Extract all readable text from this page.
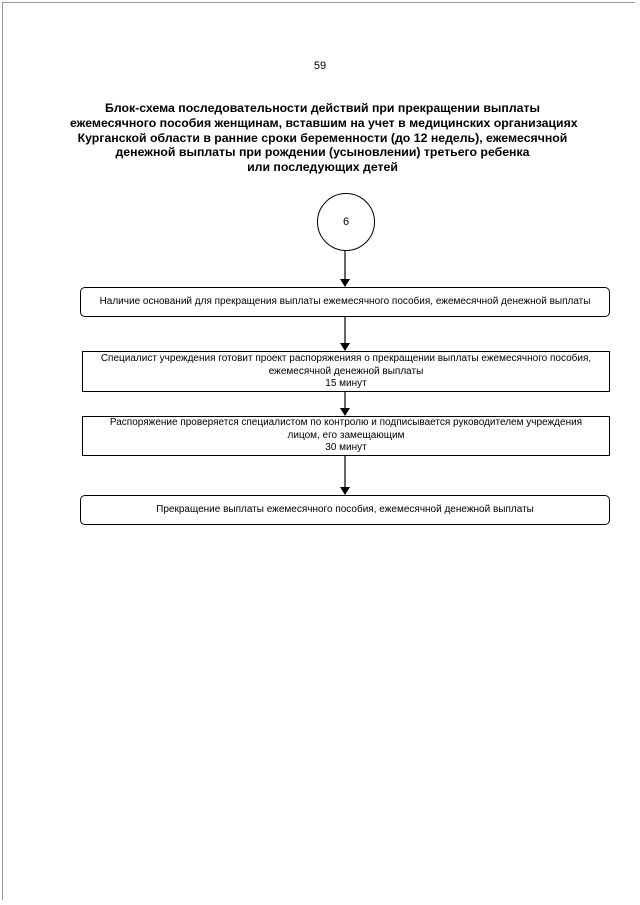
59
Блок-схема последовательности действий при прекращении выплаты
ежемесячного пособия женщинам, вставшим на учет в медицинских организациях
Курганской области в ранние сроки беременности (до 12 недель), ежемесячной
денежной выплаты при рождении (усыновлении) третьего ребенка
или последующих детей
6
Наличие оснований для прекращения выплаты ежемесячного пособия, ежемесячной денежной выплаты
Специалист учреждения готовит проект распоряженияя о прекращении выплаты ежемесячного пособия,
ежемесячной денежной выплаты
15 минут
Распоряжение проверяется специалистом по контролю и подписывается руководителем учреждения
лицом, его замещающим
30 минут
Прекращение выплаты ежемесячного пособия, ежемесячной денежной выплаты
